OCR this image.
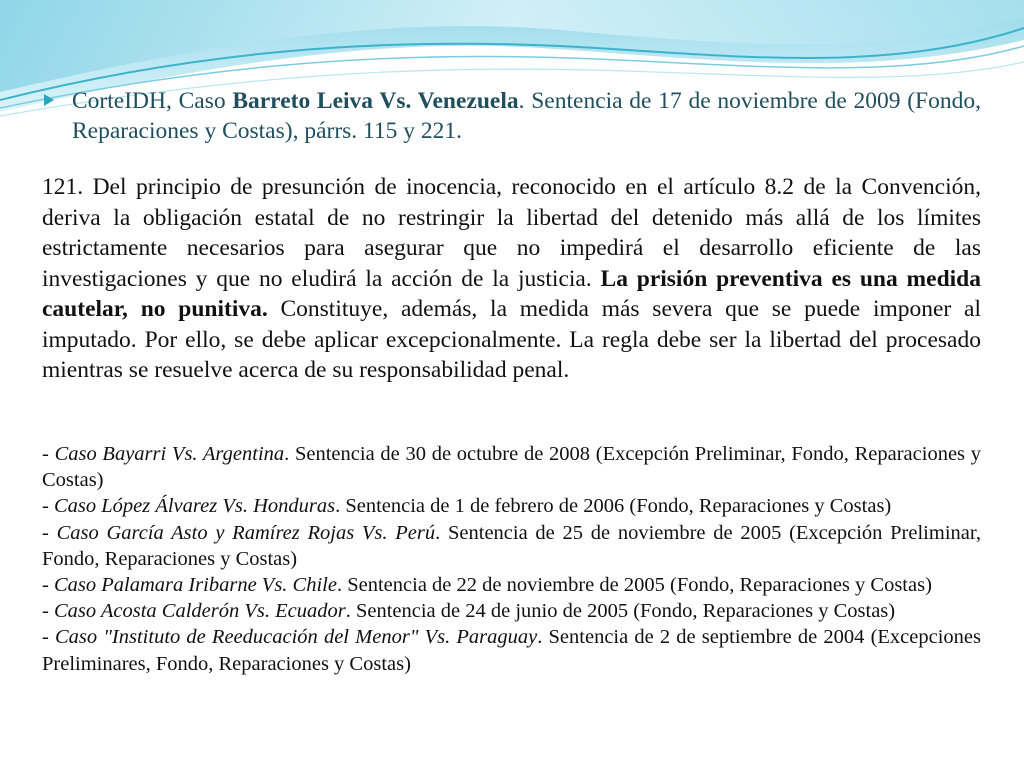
CorteIDH, Caso Barreto Leiva Vs. Venezuela. Sentencia de 17 de noviembre de 2009 (Fondo, Reparaciones y Costas), párrs. 115 y 221.

121. Del principio de presunción de inocencia, reconocido en el artículo 8.2 de la Convención, deriva la obligación estatal de no restringir la libertad del detenido más allá de los límites estrictamente necesarios para asegurar que no impedirá el desarrollo eficiente de las investigaciones y que no eludirá la acción de la justicia. La prisión preventiva es una medida cautelar, no punitiva. Constituye, además, la medida más severa que se puede imponer al imputado. Por ello, se debe aplicar excepcionalmente. La regla debe ser la libertad del procesado mientras se resuelve acerca de su responsabilidad penal.

- Caso Bayarri Vs. Argentina. Sentencia de 30 de octubre de 2008 (Excepción Preliminar, Fondo, Reparaciones y Costas)
- Caso López Álvarez Vs. Honduras. Sentencia de 1 de febrero de 2006 (Fondo, Reparaciones y Costas)
- Caso García Asto y Ramírez Rojas Vs. Perú. Sentencia de 25 de noviembre de 2005 (Excepción Preliminar, Fondo, Reparaciones y Costas)
- Caso Palamara Iribarne Vs. Chile. Sentencia de 22 de noviembre de 2005 (Fondo, Reparaciones y Costas)
- Caso Acosta Calderón Vs. Ecuador. Sentencia de 24 de junio de 2005 (Fondo, Reparaciones y Costas)
- Caso "Instituto de Reeducación del Menor" Vs. Paraguay. Sentencia de 2 de septiembre de 2004 (Excepciones Preliminares, Fondo, Reparaciones y Costas)
